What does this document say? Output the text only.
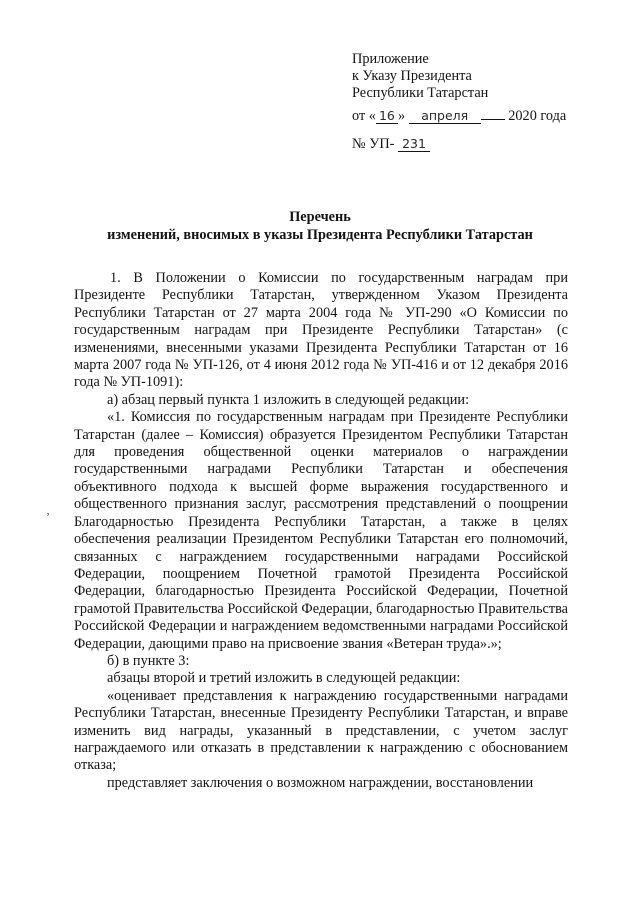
Приложение
к Указу Президента
Республики Татарстан
от « 16 » апреля	2020 года
№ УП- 231
Перечень
изменений, вносимых в указы Президента Республики Татарстан
‚

1. В Положении о Комиссии по государственным наградам при Президенте Республики Татарстан, утвержденном Указом Президента Республики Татарстан от 27 марта 2004 года № УП-290 «О Комиссии по государственным наградам при Президенте Республики Татарстан» (с изменениями, внесенными указами Президента Республики Татарстан от 16 марта 2007 года № УП-126, от 4 июня 2012 года № УП-416 и от 12 декабря 2016 года № УП-1091):

а) абзац первый пункта 1 изложить в следующей редакции:

«1. Комиссия по государственным наградам при Президенте Республики Татарстан (далее – Комиссия) образуется Президентом Республики Татарстан для проведения общественной оценки материалов о награждении государственными наградами Республики Татарстан и обеспечения объективного подхода к высшей форме выражения государственного и общественного признания заслуг, рассмотрения представлений о поощрении Благодарностью Президента Республики Татарстан, а также в целях обеспечения реализации Президентом Республики Татарстан его полномочий, связанных с награждением государственными наградами Российской Федерации, поощрением Почетной грамотой Президента Российской Федерации, благодарностью Президента Российской Федерации, Почетной грамотой Правительства Российской Федерации, благодарностью Правительства Российской Федерации и награждением ведомственными наградами Российской Федерации, дающими право на присвоение звания «Ветеран труда».»;

б) в пункте 3:

абзацы второй и третий изложить в следующей редакции:

«оценивает представления к награждению государственными наградами Республики Татарстан, внесенные Президенту Республики Татарстан, и вправе изменить вид награды, указанный в представлении, с учетом заслуг награждаемого или отказать в представлении к награждению с обоснованием отказа;

представляет заключения о возможном награждении, восстановлении
